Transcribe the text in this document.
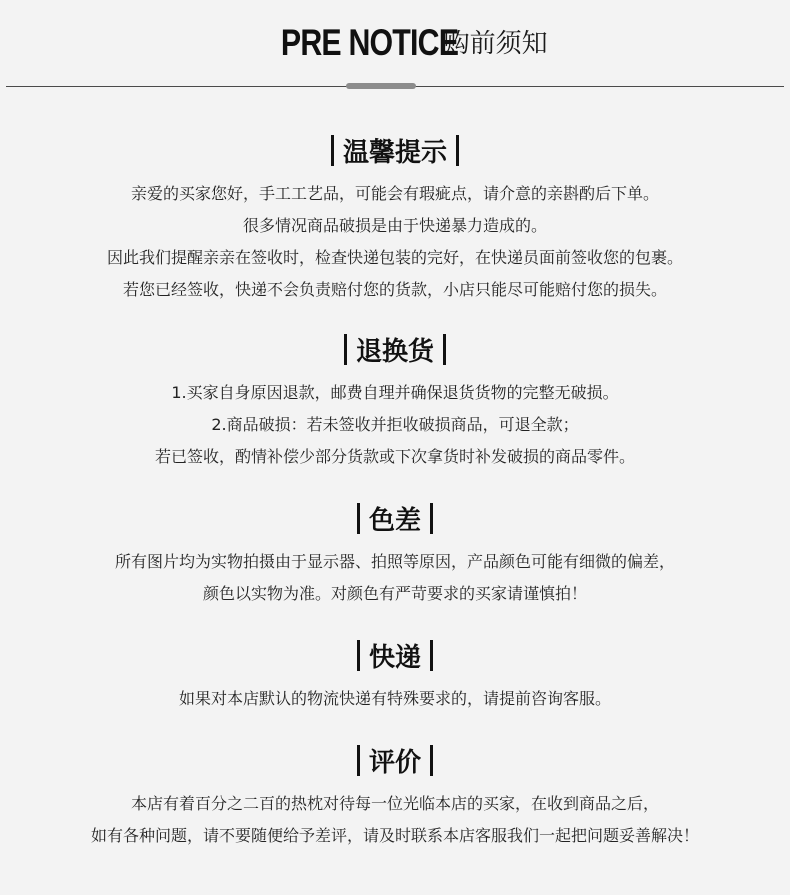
PRE NOTICE 购前须知
温馨提示
亲爱的买家您好，手工工艺品，可能会有瑕疵点，请介意的亲斟酌后下单。
很多情况商品破损是由于快递暴力造成的。
因此我们提醒亲亲在签收时，检查快递包装的完好，在快递员面前签收您的包裹。
若您已经签收，快递不会负责赔付您的货款，小店只能尽可能赔付您的损失。
退换货
1.买家自身原因退款，邮费自理并确保退货货物的完整无破损。
2.商品破损：若未签收并拒收破损商品，可退全款；
若已签收，酌情补偿少部分货款或下次拿货时补发破损的商品零件。
色差
所有图片均为实物拍摄由于显示器、拍照等原因，产品颜色可能有细微的偏差，
颜色以实物为准。对颜色有严苛要求的买家请谨慎拍！
快递
如果对本店默认的物流快递有特殊要求的，请提前咨询客服。
评价
本店有着百分之二百的热枕对待每一位光临本店的买家，在收到商品之后，
如有各种问题，请不要随便给予差评，请及时联系本店客服我们一起把问题妥善解决！
